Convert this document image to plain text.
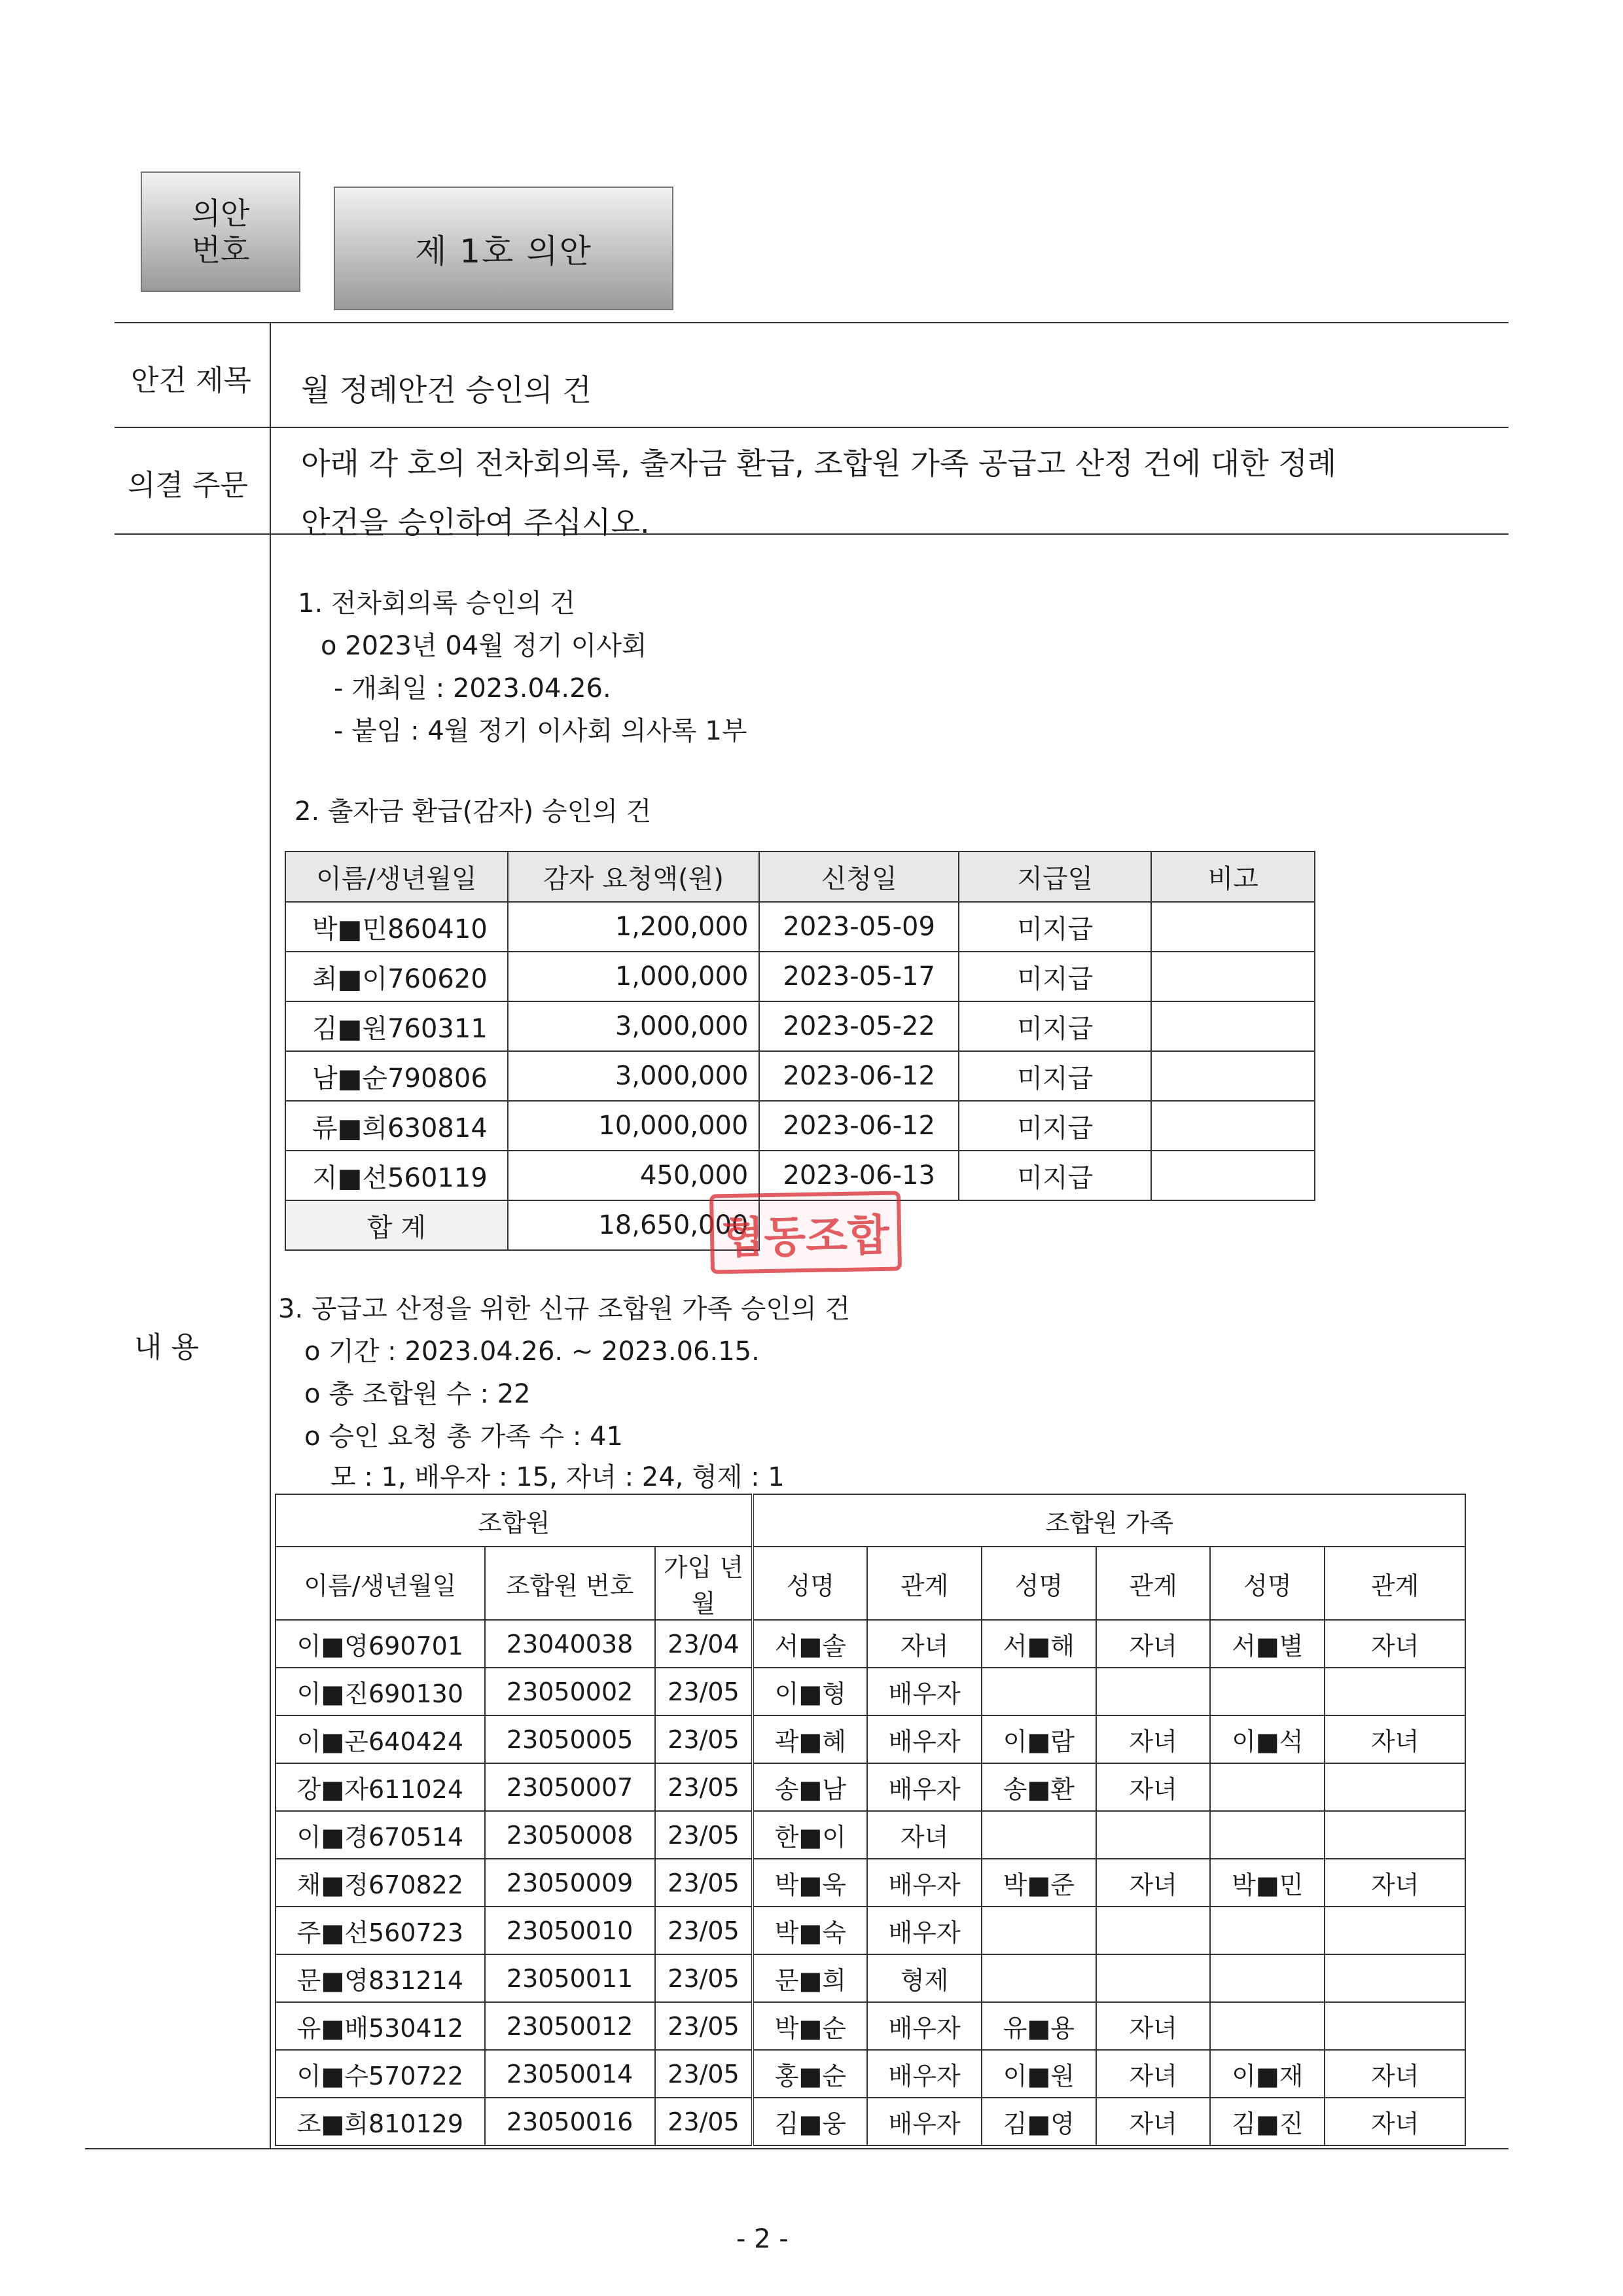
의안
번호	제 1호 의안
안건 제목 월 정례안건 승인의 건
의결 주문
아래 각 호의 전차회의록, 출자금 환급, 조합원 가족 공급고 산정 건에 대한 정례
안건을 승인하여 주십시오.
내 용
1. 전차회의록 승인의 건
o 2023년 04월 정기 이사회
- 개최일 : 2023.04.26.
- 붙임 : 4월 정기 이사회 의사록 1부
2. 출자금 환급(감자) 승인의 건
이름/생년월일	감자 요청액(원)	신청일	지급일	비고
박■민860410	1,200,000	2023-05-09	미지급	
최■이760620	1,000,000	2023-05-17	미지급	
김■원760311	3,000,000	2023-05-22	미지급	
남■순790806	3,000,000	2023-06-12	미지급	
류■희630814	10,000,000	2023-06-12	미지급	
지■선560119	450,000	2023-06-13	미지급	
합 계	18,650,000			
협동조합
3. 공급고 산정을 위한 신규 조합원 가족 승인의 건
o 기간 : 2023.04.26. ~ 2023.06.15.
o 총 조합원 수 : 22
o 승인 요청 총 가족 수 : 41
모 : 1, 배우자 : 15, 자녀 : 24, 형제 : 1
조합원			조합원 가족					
이름/생년월일	조합원 번호	가입 년월	성명	관계	성명	관계	성명	관계
이■영690701	23040038	23/04	서■솔	자녀	서■해	자녀	서■별	자녀
이■진690130	23050002	23/05	이■형	배우자				
이■곤640424	23050005	23/05	곽■혜	배우자	이■람	자녀	이■석	자녀
강■자611024	23050007	23/05	송■남	배우자	송■환	자녀		
이■경670514	23050008	23/05	한■이	자녀				
채■정670822	23050009	23/05	박■욱	배우자	박■준	자녀	박■민	자녀
주■선560723	23050010	23/05	박■숙	배우자				
문■영831214	23050011	23/05	문■희	형제				
유■배530412	23050012	23/05	박■순	배우자	유■용	자녀		
이■수570722	23050014	23/05	홍■순	배우자	이■원	자녀	이■재	자녀
조■희810129	23050016	23/05	김■웅	배우자	김■영	자녀	김■진	자녀
- 2 -
